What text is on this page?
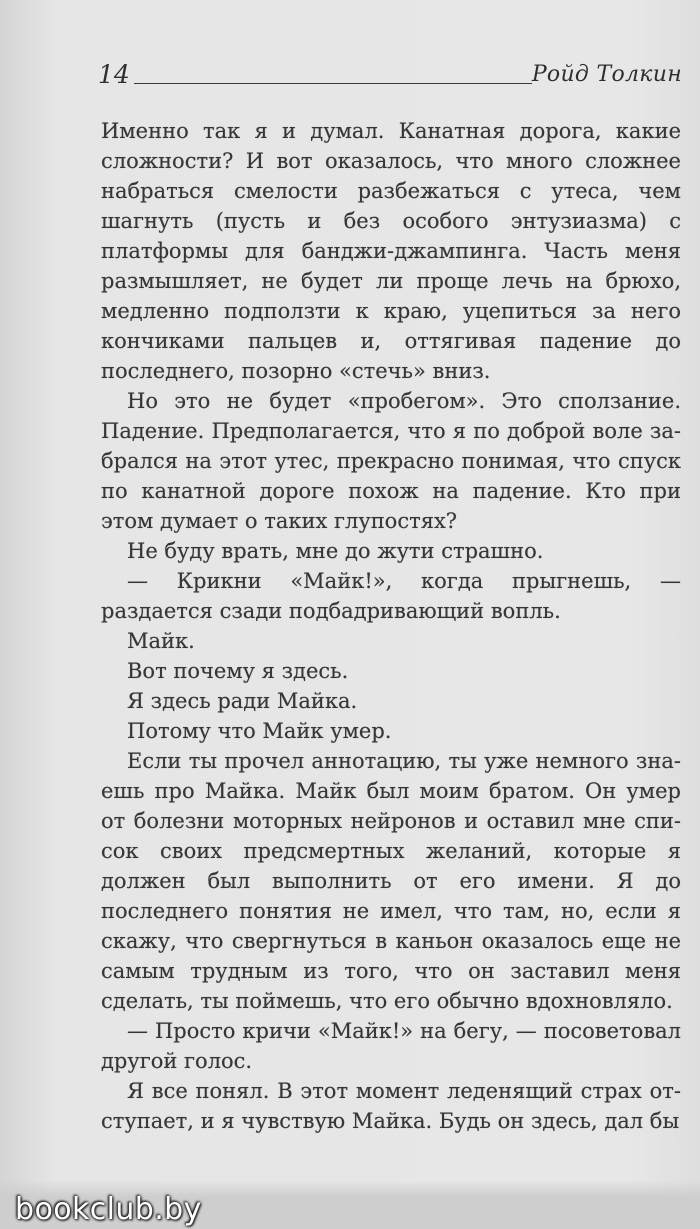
14	Ройд Толкин

Именно так я и думал. Канатная дорога, какие сложности? И вот оказалось, что много сложнее набраться смелости разбежаться с утеса, чем шагнуть (пусть и без особого энтузиазма) с платформы для банджи-джампинга. Часть меня размышляет, не будет ли проще лечь на брюхо, медленно подползти к краю, уцепиться за него кончиками пальцев и, оттягивая падение до последнего, позорно «стечь» вниз.

Но это не будет «пробегом». Это сползание. Падение. Предполагается, что я по доброй воле забрался на этот утес, прекрасно понимая, что спуск по канатной дороге похож на падение. Кто при этом думает о таких глупостях?

Не буду врать, мне до жути страшно.

— Крикни «Майк!», когда прыгнешь, — раздается сзади подбадривающий вопль.

Майк.

Вот почему я здесь.

Я здесь ради Майка.

Потому что Майк умер.

Если ты прочел аннотацию, ты уже немного знаешь про Майка. Майк был моим братом. Он умер от болезни моторных нейронов и оставил мне список своих предсмертных желаний, которые я должен был выполнить от его имени. Я до последнего понятия не имел, что там, но, если я скажу, что свергнуться в каньон оказалось еще не самым трудным из того, что он заставил меня сделать, ты поймешь, что его обычно вдохновляло.

— Просто кричи «Майк!» на бегу, — посоветовал другой голос.

Я все понял. В этот момент леденящий страх отступает, и я чувствую Майка. Будь он здесь, дал бы

bookclub.by
